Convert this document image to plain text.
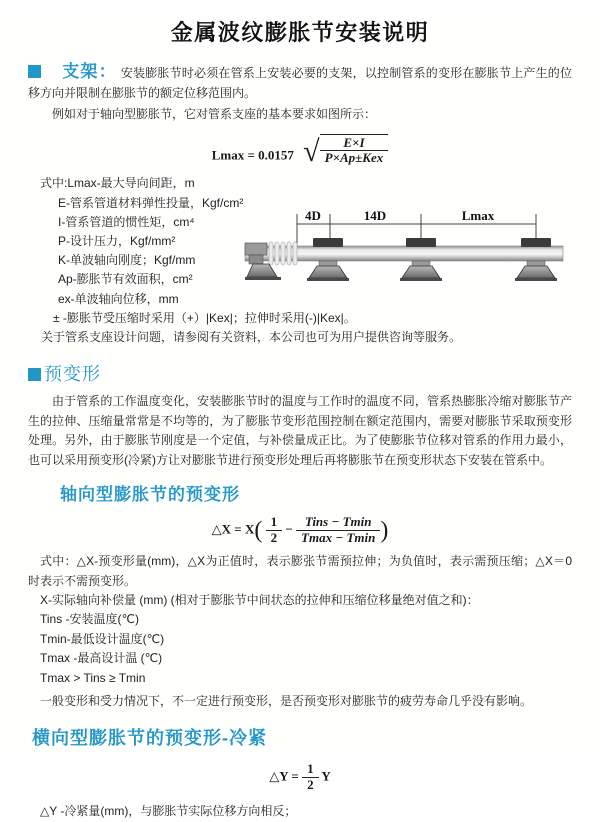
金属波纹膨胀节安装说明

支架： 安装膨胀节时必须在管系上安装必要的支架，以控制管系的变形在膨胀节上产生的位移方向并限制在膨胀节的额定位移范围内。

例如对于轴向型膨胀节，它对管系支座的基本要求如图所示：

Lmax = 0.0157 √ $\frac{E\times I}{\text{P×Ap±Kex}}$
式中:Lmax-最大导向间距，m
E-管系管道材料弹性投量，Kgf/cm²
I-管系管道的惯性矩，cm⁴
P-设计压力，Kgf/mm²
K-单波轴向刚度；Kgf/mm
Ap-膨胀节有效面积，cm²
ex-单波轴向位移，mm
± -膨胀节受压缩时采用（+）|Kex|；拉伸时采用(-)|Kex|。

关于管系支座设计问题，请参阅有关资料，本公司也可为用户提供咨询等服务。

4D	14D	Lmax
预变形

由于管系的工作温度变化，安装膨胀节时的温度与工作时的温度不同，管系热膨胀冷缩对膨胀节产生的拉伸、压缩量常常是不均等的，为了膨胀节变形范围控制在额定范围内，需要对膨胀节采取预变形处理。另外，由于膨胀节刚度是一个定值，与补偿量成正比。为了使膨胀节位移对管系的作用力最小，也可以采用预变形(冷紧)方让对膨胀节进行预变形处理后再将膨胀节在预变形状态下安装在管系中。

轴向型膨胀节的预变形
△X = $X( \frac{1}{2} - \frac{\text{Tins − Tmin}}{Tmax - Tmin}$ )

式中：△X-预变形量(mm)，△X为正值时，表示膨张节需预拉伸；为负值时，表示需预压缩；△X＝0时表示不需预变形。

X-实际轴向补偿量 (mm) (相对于膨胀节中间状态的拉伸和压缩位移量绝对值之和)：
Tins -安装温度(℃)
Tmin-最低设计温度(℃)
Tmax -最高设计温 (℃)
Tmax > Tins ≥ Tmin

一般变形和受力情况下，不一定进行预变形，是否预变形对膨胀节的疲劳寿命几乎没有影响。

横向型膨胀节的预变形-冷紧
△Y = $\frac{1}{2}$ Y
△Y -冷紧量(mm)，与膨胀节实际位移方向相反；
